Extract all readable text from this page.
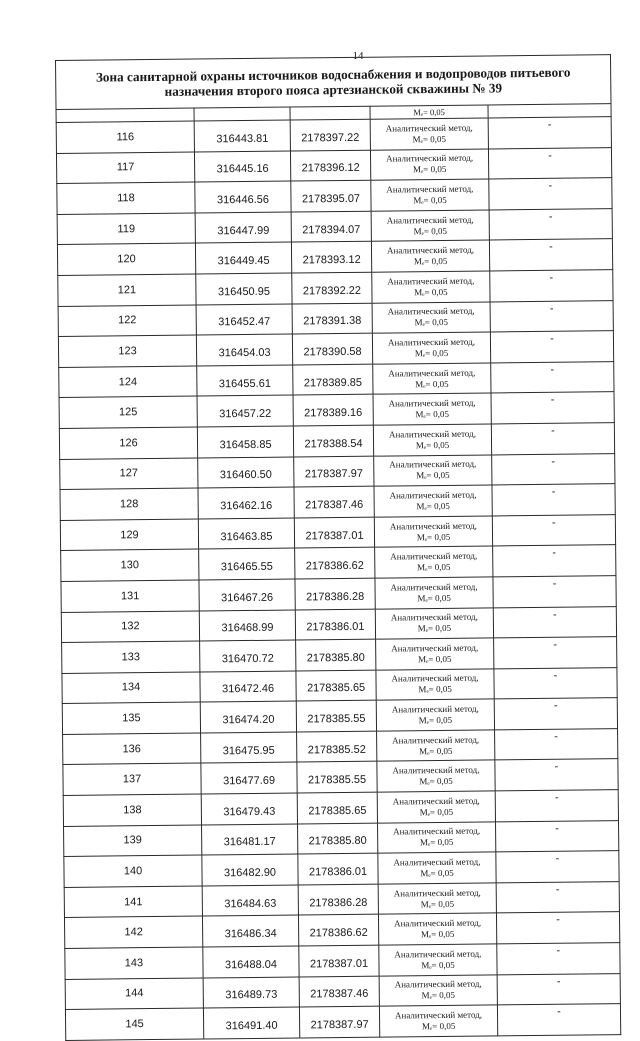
14
Зона санитарной охраны источников водоснабжения и водопроводов питьевого назначения второго пояса артезианской скважины № 39				
			Mₑ= 0,05	
116	316443.81	2178397.22	Аналитический метод,
Mₑ= 0,05	-
117	316445.16	2178396.12	Аналитический метод,
Mₑ= 0,05	-
118	316446.56	2178395.07	Аналитический метод,
Mₑ= 0,05	-
119	316447.99	2178394.07	Аналитический метод,
Mₑ= 0,05	-
120	316449.45	2178393.12	Аналитический метод,
Mₑ= 0,05	-
121	316450.95	2178392.22	Аналитический метод,
Mₑ= 0,05	-
122	316452.47	2178391.38	Аналитический метод,
Mₑ= 0,05	-
123	316454.03	2178390.58	Аналитический метод,
Mₑ= 0,05	-
124	316455.61	2178389.85	Аналитический метод,
Mₑ= 0,05	-
125	316457.22	2178389.16	Аналитический метод,
Mₑ= 0,05	-
126	316458.85	2178388.54	Аналитический метод,
Mₑ= 0,05	-
127	316460.50	2178387.97	Аналитический метод,
Mₑ= 0,05	-
128	316462.16	2178387.46	Аналитический метод,
Mₑ= 0,05	-
129	316463.85	2178387.01	Аналитический метод,
Mₑ= 0,05	-
130	316465.55	2178386.62	Аналитический метод,
Mₑ= 0,05	-
131	316467.26	2178386.28	Аналитический метод,
Mₑ= 0,05	-
132	316468.99	2178386.01	Аналитический метод,
Mₑ= 0,05	-
133	316470.72	2178385.80	Аналитический метод,
Mₑ= 0,05	-
134	316472.46	2178385.65	Аналитический метод,
Mₑ= 0,05	-
135	316474.20	2178385.55	Аналитический метод,
Mₑ= 0,05	-
136	316475.95	2178385.52	Аналитический метод,
Mₑ= 0,05	-
137	316477.69	2178385.55	Аналитический метод,
Mₑ= 0,05	-
138	316479.43	2178385.65	Аналитический метод,
Mₑ= 0,05	-
139	316481.17	2178385.80	Аналитический метод,
Mₑ= 0,05	-
140	316482.90	2178386.01	Аналитический метод,
Mₑ= 0,05	-
141	316484.63	2178386.28	Аналитический метод,
Mₑ= 0,05	-
142	316486.34	2178386.62	Аналитический метод,
Mₑ= 0,05	-
143	316488.04	2178387.01	Аналитический метод,
Mₑ= 0,05	-
144	316489.73	2178387.46	Аналитический метод,
Mₑ= 0,05	-
145	316491.40	2178387.97	Аналитический метод,
Mₑ= 0,05	-
